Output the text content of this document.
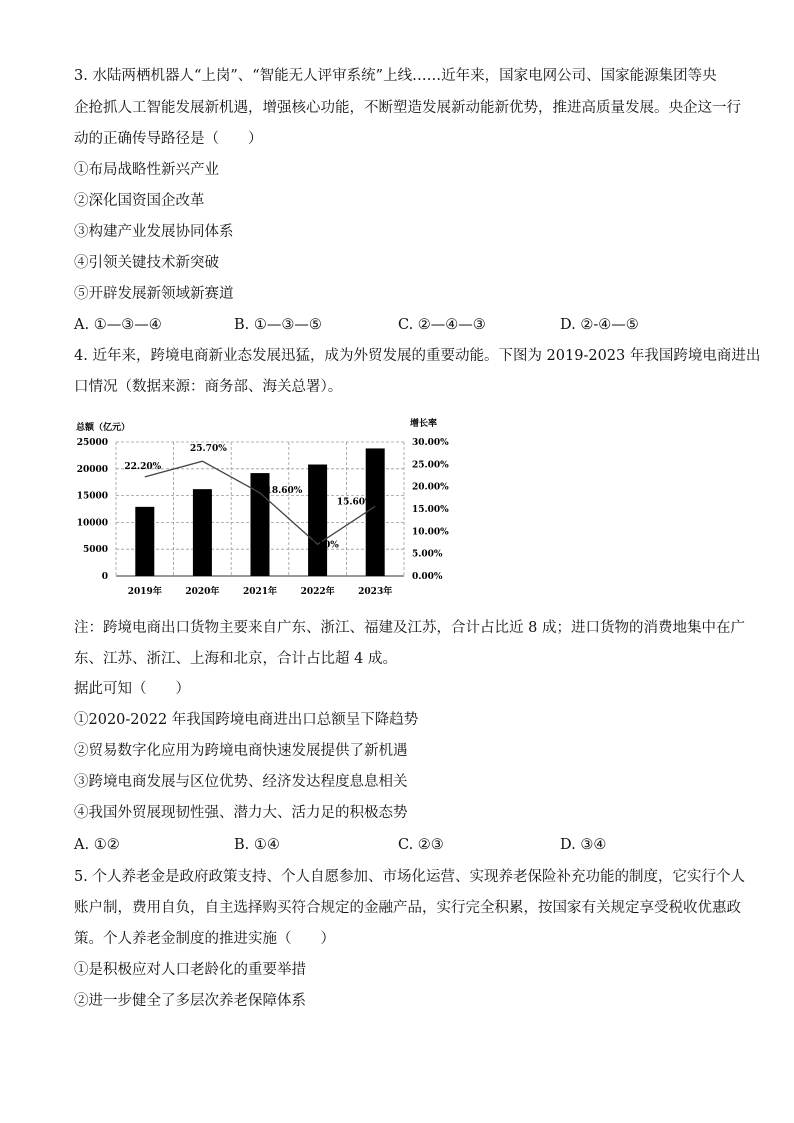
3. 水陆两栖机器人“上岗”、“智能无人评审系统”上线……近年来，国家电网公司、国家能源集团等央
企抢抓人工智能发展新机遇，增强核心功能，不断塑造发展新动能新优势，推进高质量发展。央企这一行
动的正确传导路径是（　　）
①布局战略性新兴产业
②深化国资国企改革
③构建产业发展协同体系
④引领关键技术新突破
⑤开辟发展新领域新赛道
A. ①—③—④	B. ①—③—⑤	C. ②—④—③	D. ②-④—⑤
4. 近年来，跨境电商新业态发展迅猛，成为外贸发展的重要动能。下图为 2019-2023 年我国跨境电商进出
口情况（数据来源：商务部、海关总署）。
总额（亿元）	增长率
22.20%
25.70%
18.60%
7.10%
15.60%
0
5000
10000
15000
20000
25000
0.00%
5.00%
10.00%
15.00%
20.00%
25.00%
30.00%
2019年	2020年	2021年	2022年	2023年
注：跨境电商出口货物主要来自广东、浙江、福建及江苏，合计占比近 8 成；进口货物的消费地集中在广
东、江苏、浙江、上海和北京，合计占比超 4 成。
据此可知（　　）
①2020-2022 年我国跨境电商进出口总额呈下降趋势
②贸易数字化应用为跨境电商快速发展提供了新机遇
③跨境电商发展与区位优势、经济发达程度息息相关
④我国外贸展现韧性强、潜力大、活力足的积极态势
A. ①②	B. ①④	C. ②③	D. ③④
5. 个人养老金是政府政策支持、个人自愿参加、市场化运营、实现养老保险补充功能的制度，它实行个人
账户制，费用自负，自主选择购买符合规定的金融产品，实行完全积累，按国家有关规定享受税收优惠政
策。个人养老金制度的推进实施（　　）
①是积极应对人口老龄化的重要举措
②进一步健全了多层次养老保障体系
